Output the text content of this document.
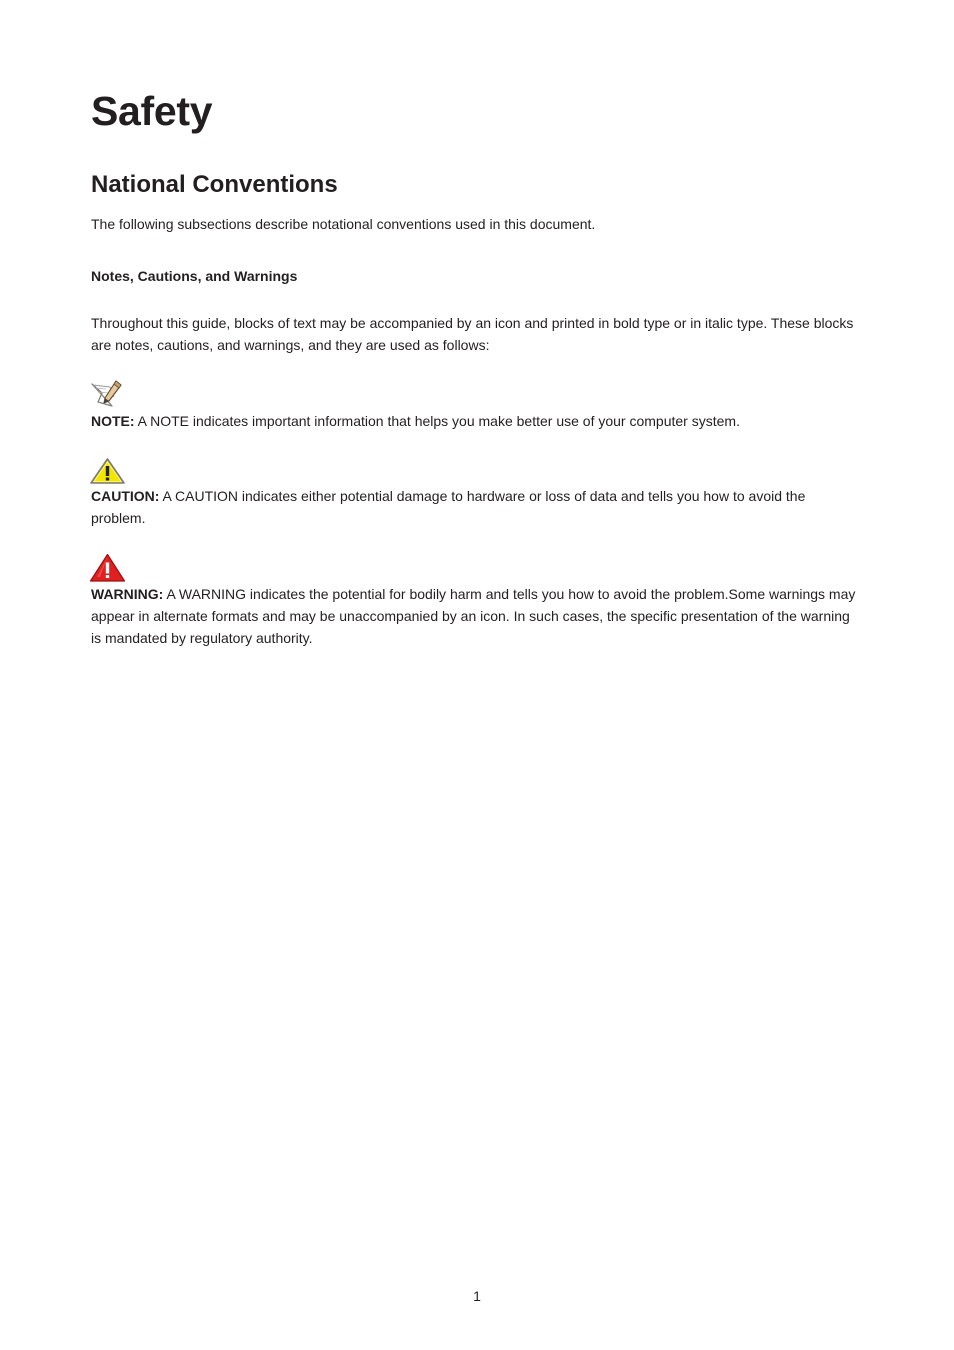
Safety
National Conventions

The following subsections describe notational conventions used in this document.

Notes, Cautions, and Warnings

Throughout this guide, blocks of text may be accompanied by an icon and printed in bold type or in italic type. These blocks are notes, cautions, and warnings, and they are used as follows:

NOTE: A NOTE indicates important information that helps you make better use of your computer system.

CAUTION: A CAUTION indicates either potential damage to hardware or loss of data and tells you how to avoid the problem.

WARNING: A WARNING indicates the potential for bodily harm and tells you how to avoid the problem.Some warnings may appear in alternate formats and may be unaccompanied by an icon. In such cases, the specific presentation of the warning is mandated by regulatory authority.

1
